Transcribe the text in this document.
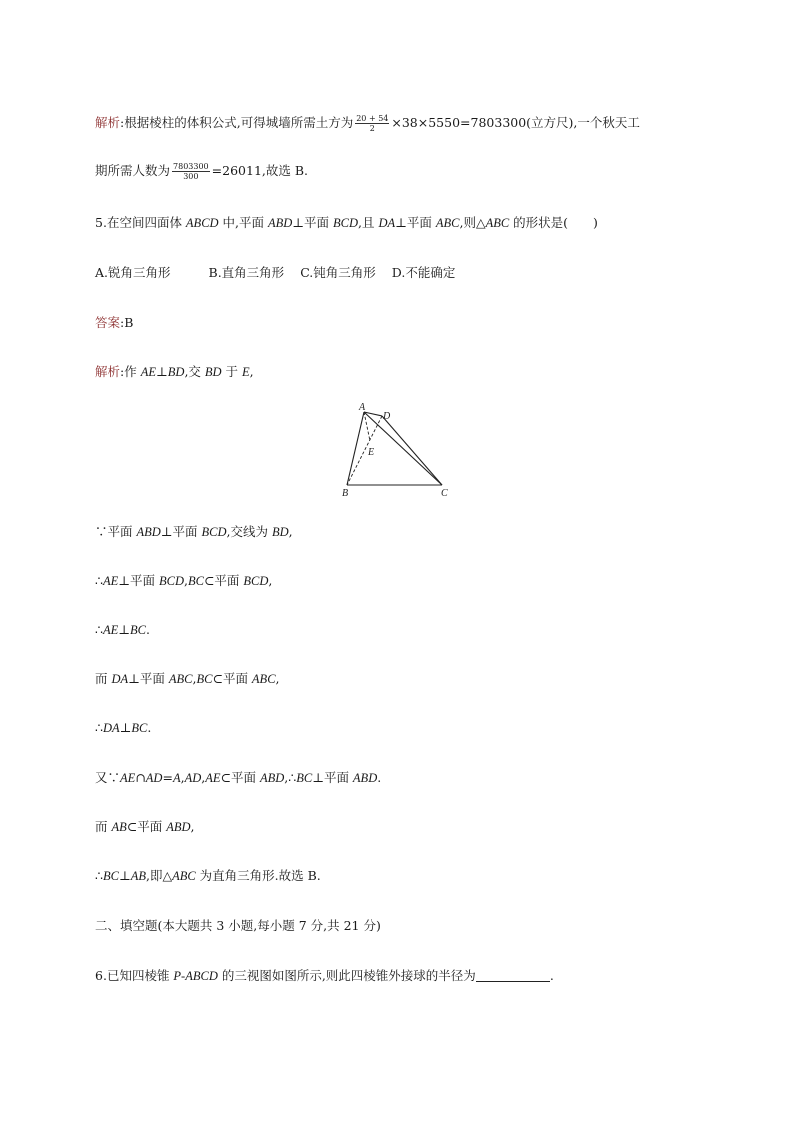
解析:根据棱柱的体积公式,可得城墙所需土方为 $\frac{20 + 54}{2} \times 38\times 5550=7803300$(立方尺),一个秋天工
期所需人数为 $\frac{7803300}{300} =26011$,故选 B.
5.在空间四面体 ABCD 中,平面 ABD⊥平面 BCD,且 DA⊥平面 ABC,则△ABC 的形状是(　　)
A.锐角三角形	B.直角三角形 C.钝角三角形 D.不能确定
答案:B
解析:作 AE⊥BD,交 BD 于 E,
A
D
E
B	C
∵平面 ABD⊥平面 BCD,交线为 BD,
∴AE⊥平面 BCD,BC⊂平面 BCD,
∴AE⊥BC.
而 DA⊥平面 ABC,BC⊂平面 ABC,
∴DA⊥BC.
又∵AE∩AD=A,AD,AE⊂平面 ABD,∴BC⊥平面 ABD.
而 AB⊂平面 ABD,
∴BC⊥AB,即△ABC 为直角三角形.故选 B.
二、填空题(本大题共 3 小题,每小题 7 分,共 21 分)
6.已知四棱锥 P-ABCD 的三视图如图所示,则此四棱锥外接球的半径为	.
